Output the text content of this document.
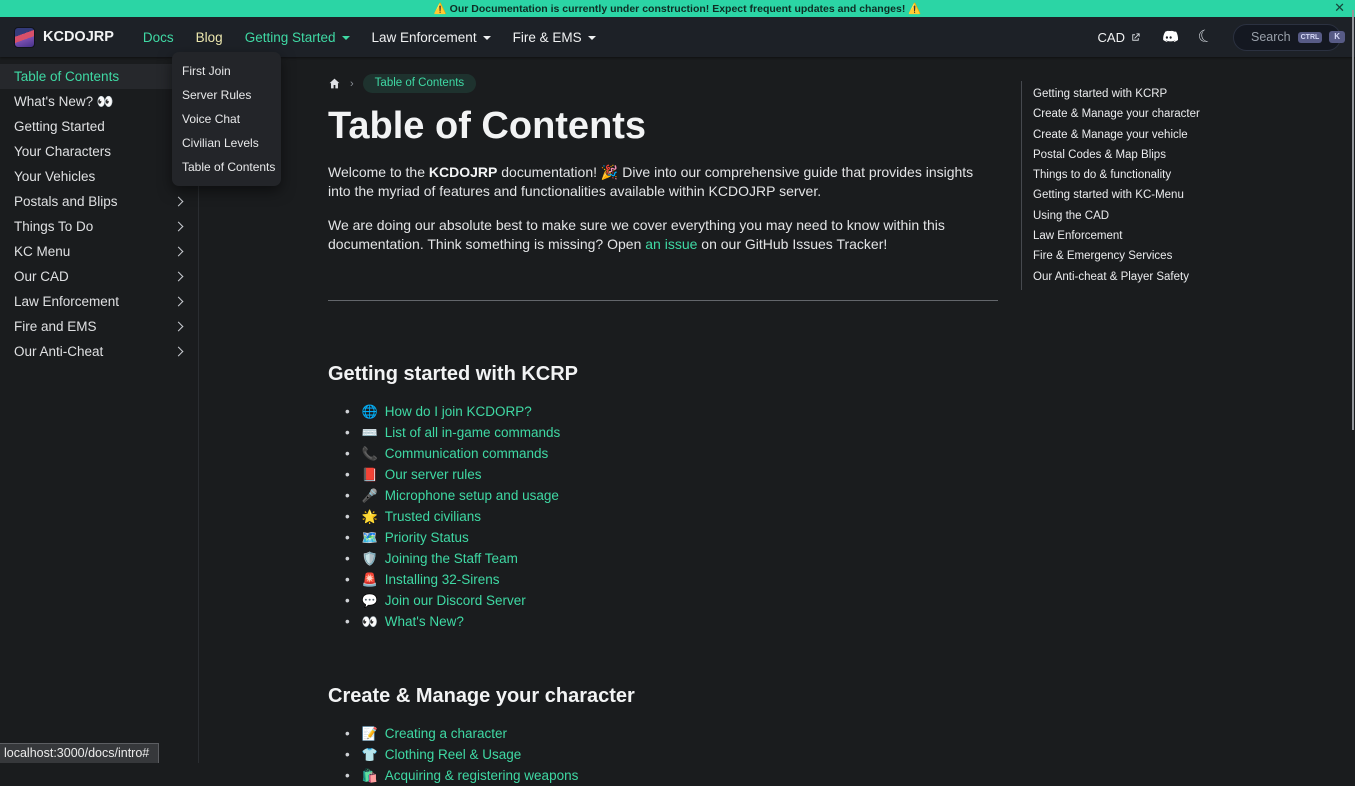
⚠️ Our Documentation is currently under construction! Expect frequent updates and changes! ⚠️	✕
KCDOJRP	Docs	Blog	Getting Started	Law Enforcement	Fire & EMS	CAD	☾	Search	CTRL	K
Table of Contents
What's New? 👀
Getting Started
Your Characters
Your Vehicles
Postals and Blips
Things To Do
KC Menu
Our CAD
Law Enforcement
Fire and EMS
Our Anti-Cheat
First Join
Server Rules
Voice Chat
Civilian Levels
Table of Contents
›	Table of Contents
Table of Contents

Welcome to the KCDOJRP documentation! 🎉 Dive into our comprehensive guide that provides insights into the myriad of features and functionalities available within KCDOJRP server.

We are doing our absolute best to make sure we cover everything you may need to know within this documentation. Think something is missing? Open an issue on our GitHub Issues Tracker!

Getting started with KCRP
• 🌐 How do I join KCDORP?
• ⌨️ List of all in-game commands
• 📞 Communication commands
• 📕 Our server rules
• 🎤 Microphone setup and usage
• 🌟 Trusted civilians
• 🗺️ Priority Status
• 🛡️ Joining the Staff Team
• 🚨 Installing 32-Sirens
• 💬 Join our Discord Server
• 👀 What's New?
Create & Manage your character
• 📝 Creating a character
• 👕 Clothing Reel & Usage
• 🛍️ Acquiring & registering weapons
Getting started with KCRP
Create & Manage your character
Create & Manage your vehicle
Postal Codes & Map Blips
Things to do & functionality
Getting started with KC-Menu
Using the CAD
Law Enforcement
Fire & Emergency Services
Our Anti-cheat & Player Safety
localhost:3000/docs/intro#
